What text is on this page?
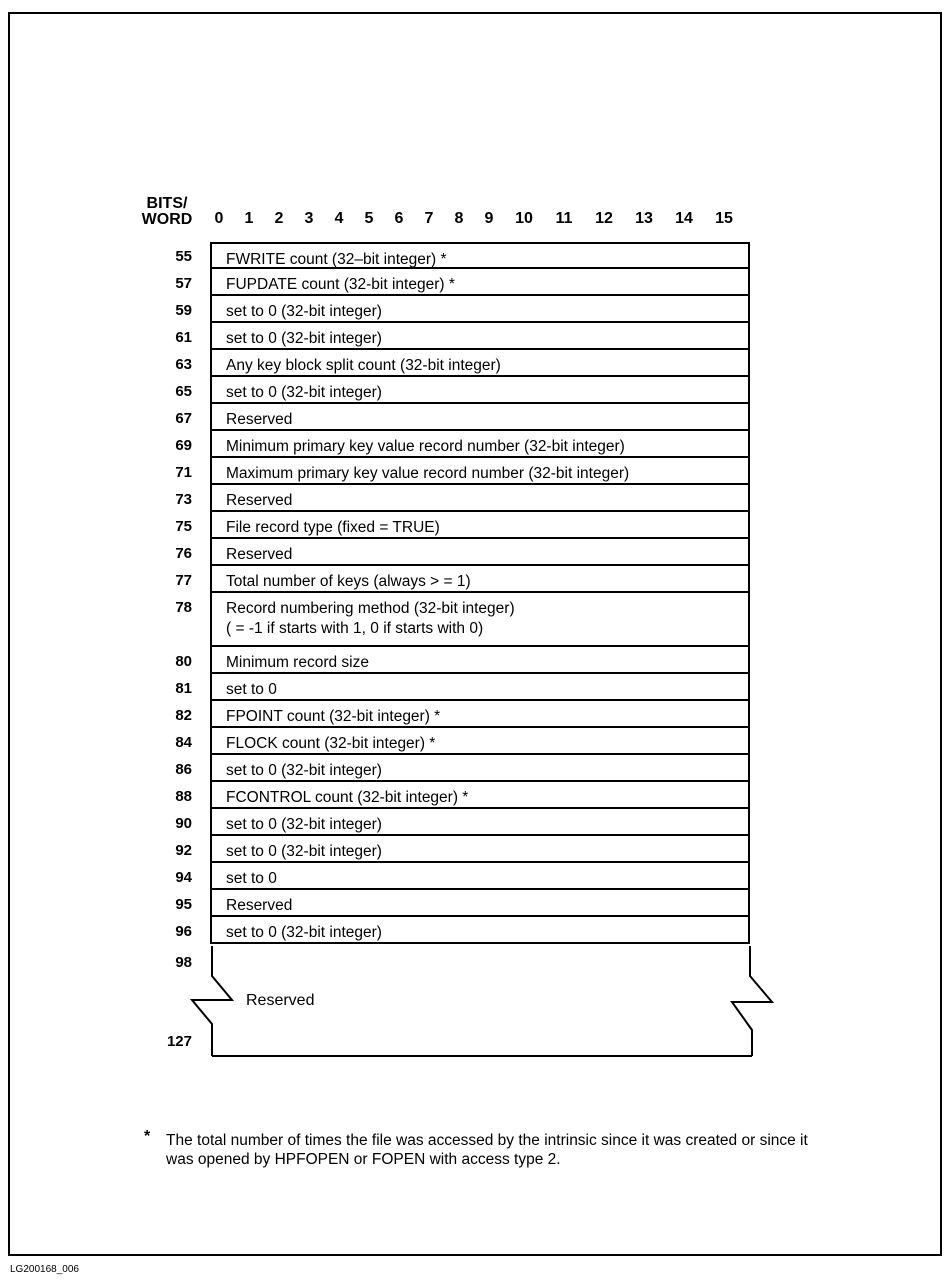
BITS/
WORD	0 1 2 3 4 5 6 7 8 9 10 11 12 13 14 15
FWRITE count (32–bit integer) *
55
FUPDATE count (32-bit integer) *
57
set to 0 (32-bit integer)
59
set to 0 (32-bit integer)
61
Any key block split count (32-bit integer)
63
set to 0 (32-bit integer)
65
Reserved
67
Minimum primary key value record number (32-bit integer)
69
Maximum primary key value record number (32-bit integer)
71
Reserved
73
File record type (fixed = TRUE)
75
Reserved
76
Total number of keys (always > = 1)
77
Record numbering method (32-bit integer)
( = -1 if starts with 1, 0 if starts with 0)
78
Minimum record size
80
set to 0
81
FPOINT count (32-bit integer) *
82
FLOCK count (32-bit integer) *
84
set to 0 (32-bit integer)
86
FCONTROL count (32-bit integer) *
88
set to 0 (32-bit integer)
90
set to 0 (32-bit integer)
92
set to 0
94
Reserved
95
set to 0 (32-bit integer)
96
98
127
Reserved
* The total number of times the file was accessed by the intrinsic since it was created or since it was opened by HPFOPEN or FOPEN with access type 2.
LG200168_006
